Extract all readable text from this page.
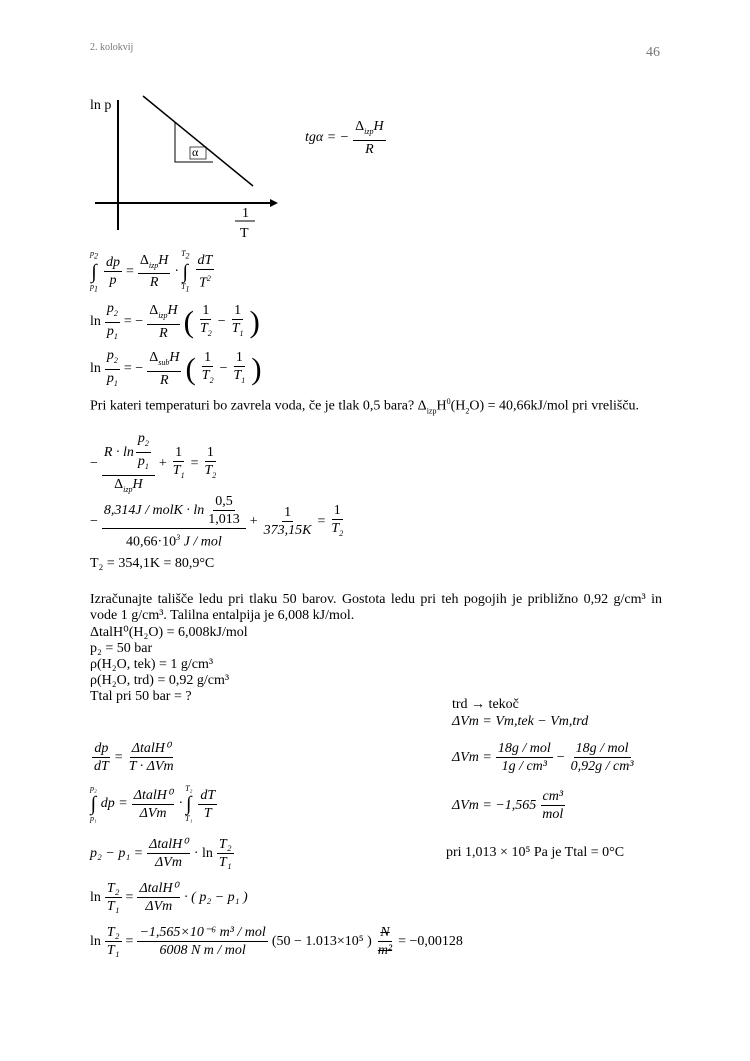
2. kolokvij	46
ln p
α
1
T
tgα = − $\frac{\Delta_{izp}H}{R}$
$p_2$
∫
$p_1 \frac{dp}{p} = \frac{\Delta_{izp}H}{R}$ ·
$T_2$
∫
$T_1 \frac{dT}{T^2}$
$\ln \frac{p_2}{p_1}$ = − $\frac{\Delta_{izp}H}{R}$ ( $\frac{1}{T_2} - \frac{1}{T_1}$ )
$\ln \frac{p_2}{p_1}$ = − $\frac{\Delta_{sub}H}{R}$ ( $\frac{1}{T_2} - \frac{1}{T_1}$ )
Pri kateri temperaturi bo zavrela voda, če je tlak 0,5 bara? $\Delta_{izp}H^0(H_2O) = 40,66kJ/mol$ pri vrelišču.
− $\frac{R \cdot \ln \frac{p_2}{p_1}}{\Delta_{izp}H} + \frac{1}{T_1} = \frac{1}{T_2}$
− $\frac{8,314J / molK \cdot \ln \frac{0,5}{1,013}}{40,66\cdot 10^3 J / mol} + \frac{1}{373,15K} = \frac{1}{T_2}$
T₂ = 354,1K = 80,9°C
Izračunajte tališče ledu pri tlaku 50 barov. Gostota ledu pri teh pogojih je približno 0,92 g/cm³ in vode 1 g/cm³. Talilna entalpija je 6,008 kJ/mol.
ΔtalH⁰(H₂O) = 6,008kJ/mol
p₂ = 50 bar
ρ(H₂O, tek) = 1 g/cm³
ρ(H₂O, trd) = 0,92 g/cm³
Ttal pri 50 bar = ?
trd → tekoč
ΔVm = Vm,tek − Vm,trd
$\Delta Vm = \frac{\text{18g / mol}}{\text{1g / cm³}} - \frac{\text{18g / mol}}{\text{0,92g / cm³}}$
$\Delta Vm = -1,565 \frac{\text{cm³}}{\text{mol}}$
pri 1,013 × 10⁵ Pa je Ttal = 0°C
$\frac{dp}{dT} = \frac{\text{ΔtalH⁰}}{\text{T · ΔVm}}$
p₂
∫
p₁
dp = $\frac{\text{ΔtalH⁰}}{\text{ΔVm}}$ ·
T₂
∫
$T_1 \frac{dT}{T}$
$p_2 - p_1 = \frac{\text{ΔtalH⁰}}{\text{ΔVm}} \cdot \ln \frac{\text{T₂}}{\text{T₁}}$
$\ln \frac{\text{T₂}}{\text{T₁}} = \frac{\text{ΔtalH⁰}}{\text{ΔVm}}$ · ( p₂ − p₁ )
$\ln \frac{\text{T₂}}{\text{T₁}} = \frac{\text{−1,565×10⁻⁶ m³ / mol}}{\text{6008 N m / mol}} (50 - 1.013\times 10^5$ ) $\frac{N}{\text{m²}} = -0,00128$
